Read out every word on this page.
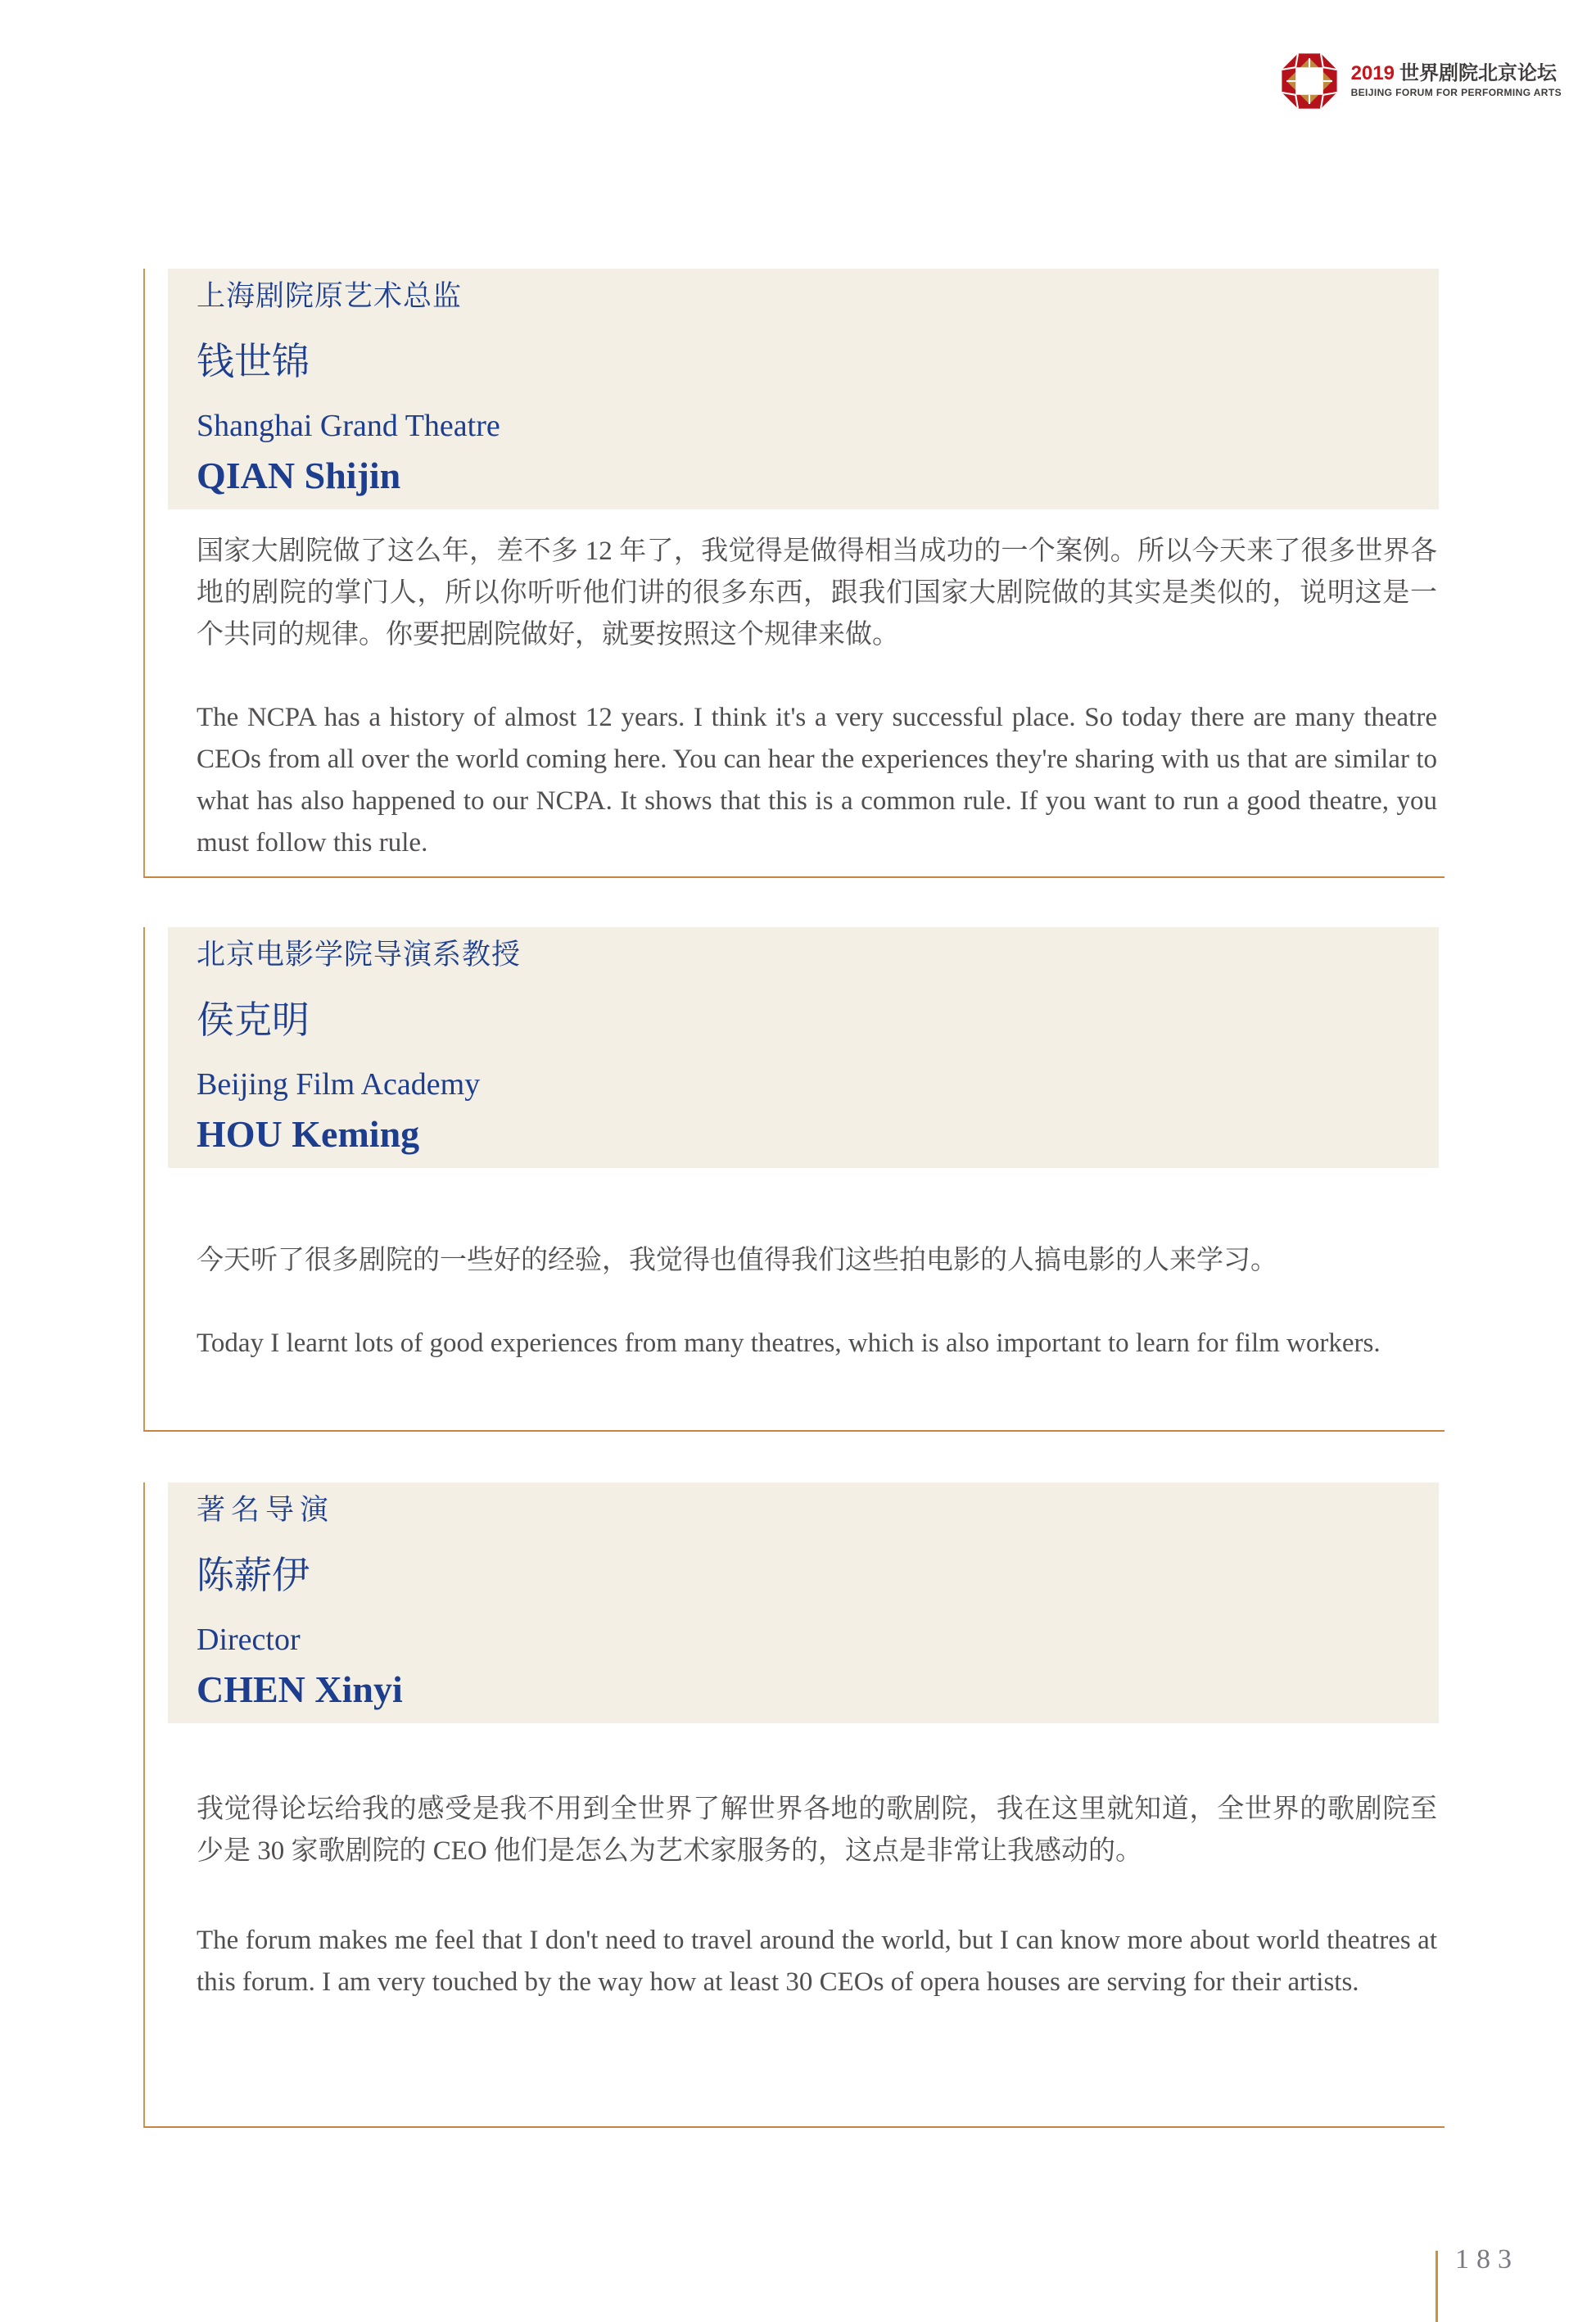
2019 世界剧院北京论坛
BEIJING FORUM FOR PERFORMING ARTS
上海剧院原艺术总监
钱世锦
Shanghai Grand Theatre
QIAN Shijin

国家大剧院做了这么年，差不多 12 年了，我觉得是做得相当成功的一个案例。所以今天来了很多世界各地的剧院的掌门人，所以你听听他们讲的很多东西，跟我们国家大剧院做的其实是类似的，说明这是一个共同的规律。你要把剧院做好，就要按照这个规律来做。

The NCPA has a history of almost 12 years. I think it's a very successful place. So today there are many theatre CEOs from all over the world coming here. You can hear the experiences they're sharing with us that are similar to what has also happened to our NCPA. It shows that this is a common rule. If you want to run a good theatre, you must follow this rule.

北京电影学院导演系教授
侯克明
Beijing Film Academy
HOU Keming

今天听了很多剧院的一些好的经验，我觉得也值得我们这些拍电影的人搞电影的人来学习。

Today I learnt lots of good experiences from many theatres, which is also important to learn for film workers.

著名导演
陈薪伊
Director
CHEN Xinyi

我觉得论坛给我的感受是我不用到全世界了解世界各地的歌剧院，我在这里就知道，全世界的歌剧院至少是 30 家歌剧院的 CEO 他们是怎么为艺术家服务的，这点是非常让我感动的。

The forum makes me feel that I don't need to travel around the world, but I can know more about world theatres at this forum. I am very touched by the way how at least 30 CEOs of opera houses are serving for their artists.

183
